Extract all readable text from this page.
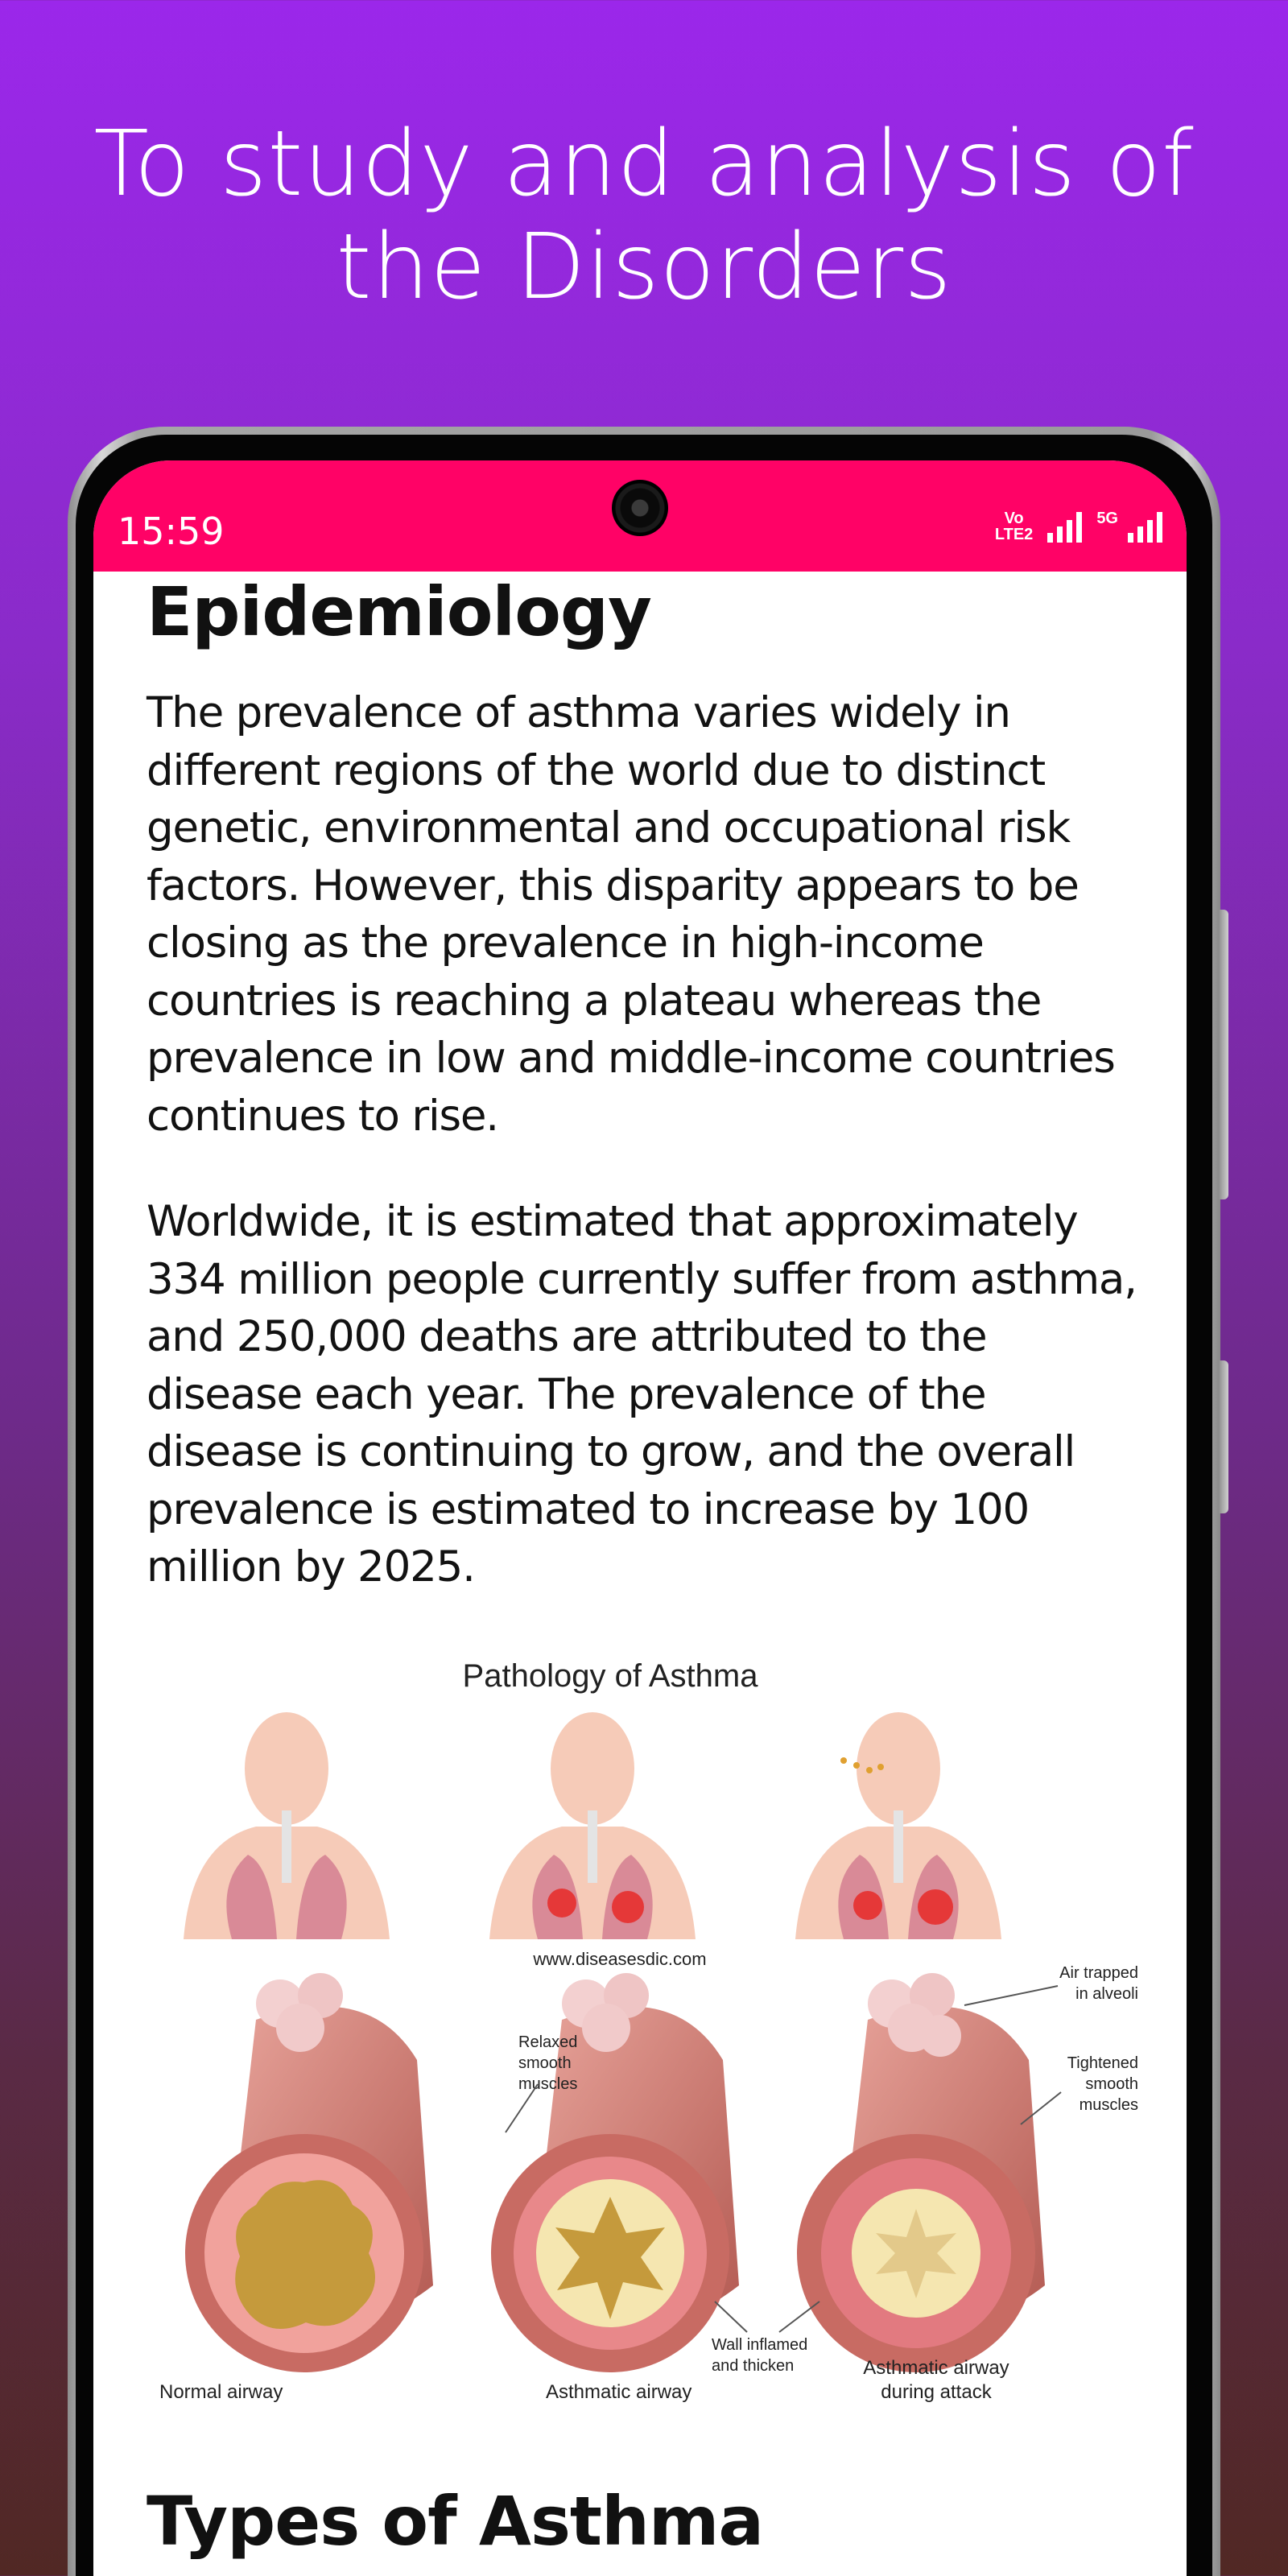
To study and analysis of
the Disorders
15:59	Vo
LTE2
5G
Epidemiology

The prevalence of asthma varies widely in different regions of the world due to distinct genetic, environmental and occupational risk factors. However, this disparity appears to be closing as the prevalence in high-income countries is reaching a plateau whereas the prevalence in low and middle-income countries continues to rise.

Worldwide, it is estimated that approximately 334 million people currently suffer from asthma, and 250,000 deaths are attributed to the disease each year. The prevalence of the disease is continuing to grow, and the overall prevalence is estimated to increase by 100 million by 2025.

Pathology of Asthma
www.diseasesdic.com
Relaxed
smooth
muscles
Air trapped
in alveoli
Tightened
smooth
muscles
Wall inflamed
and thicken
Normal airway	Asthmatic airway
Asthmatic airway
during attack
Types of Asthma
